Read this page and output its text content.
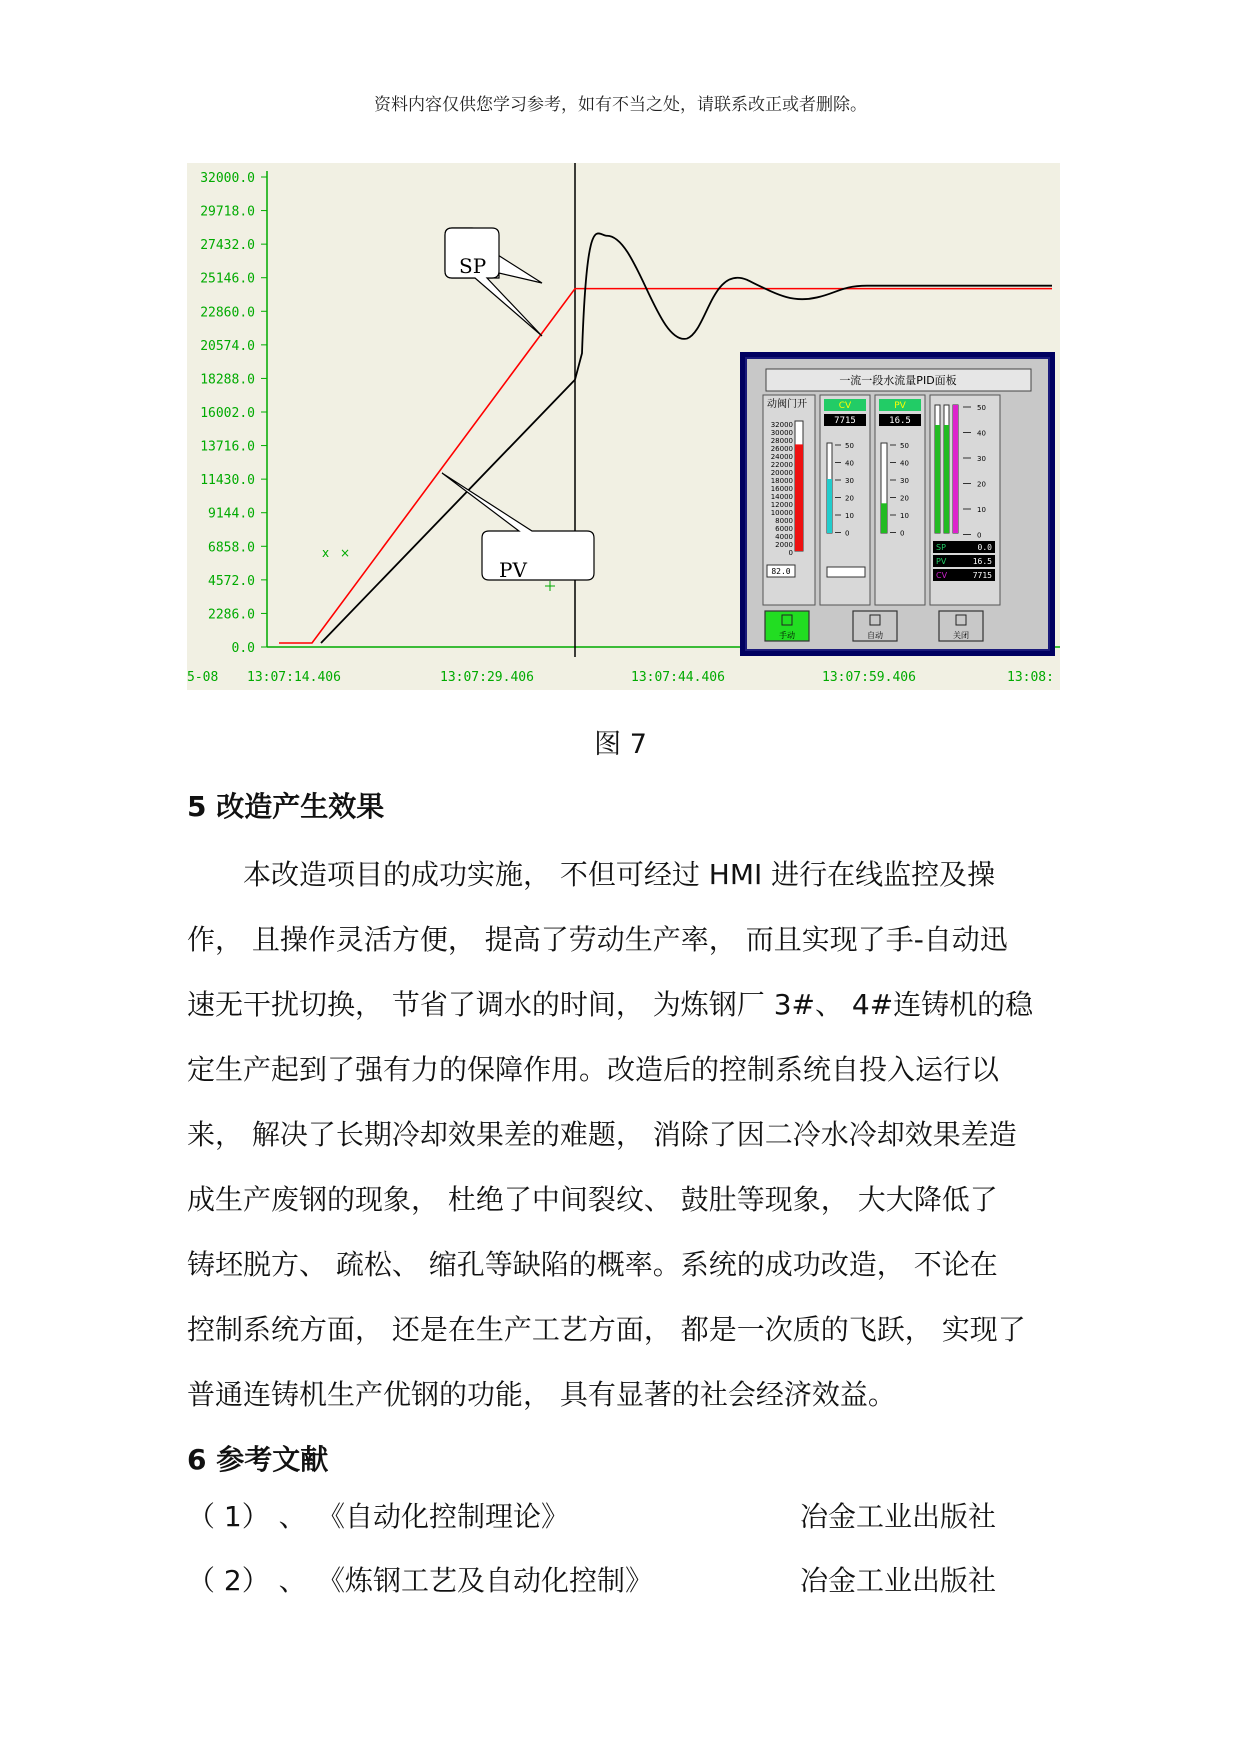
资料内容仅供您学习参考，如有不当之处，请联系改正或者删除。
32000.0
29718.0
27432.0
25146.0
22860.0
20574.0
18288.0
16002.0
13716.0
11430.0
9144.0
6858.0
4572.0
2286.0
0.0
5-08 13:07:14.406	13:07:29.406	13:07:44.406	13:07:59.406	13:08:
x ×
SP
PV
一流一段水流量PID面板
动阀门开	CV
7715
PV
16.5
32000
30000
28000
26000
24000
22000
20000
18000
16000
14000
12000
10000
8000
6000
4000
2000
0
82.0
50
40
30
20
10
0
50
40
30
20
10
0
50
40
30
20
10
0
SP	0.0
PV	16.5
CV	7715
手动	自动	关闭
图 7
5 改造产生效果
本改造项目的成功实施， 不但可经过 HMI 进行在线监控及操
作， 且操作灵活方便， 提高了劳动生产率， 而且实现了手-自动迅
速无干扰切换， 节省了调水的时间， 为炼钢厂 3#、 4#连铸机的稳
定生产起到了强有力的保障作用。改造后的控制系统自投入运行以
来， 解决了长期冷却效果差的难题， 消除了因二冷水冷却效果差造
成生产废钢的现象， 杜绝了中间裂纹、 鼓肚等现象， 大大降低了
铸坯脱方、 疏松、 缩孔等缺陷的概率。系统的成功改造， 不论在
控制系统方面， 还是在生产工艺方面， 都是一次质的飞跃， 实现了
普通连铸机生产优钢的功能， 具有显著的社会经济效益。
6 参考文献
（ 1） 、 《自动化控制理论》	冶金工业出版社
（ 2） 、 《炼钢工艺及自动化控制》	冶金工业出版社
